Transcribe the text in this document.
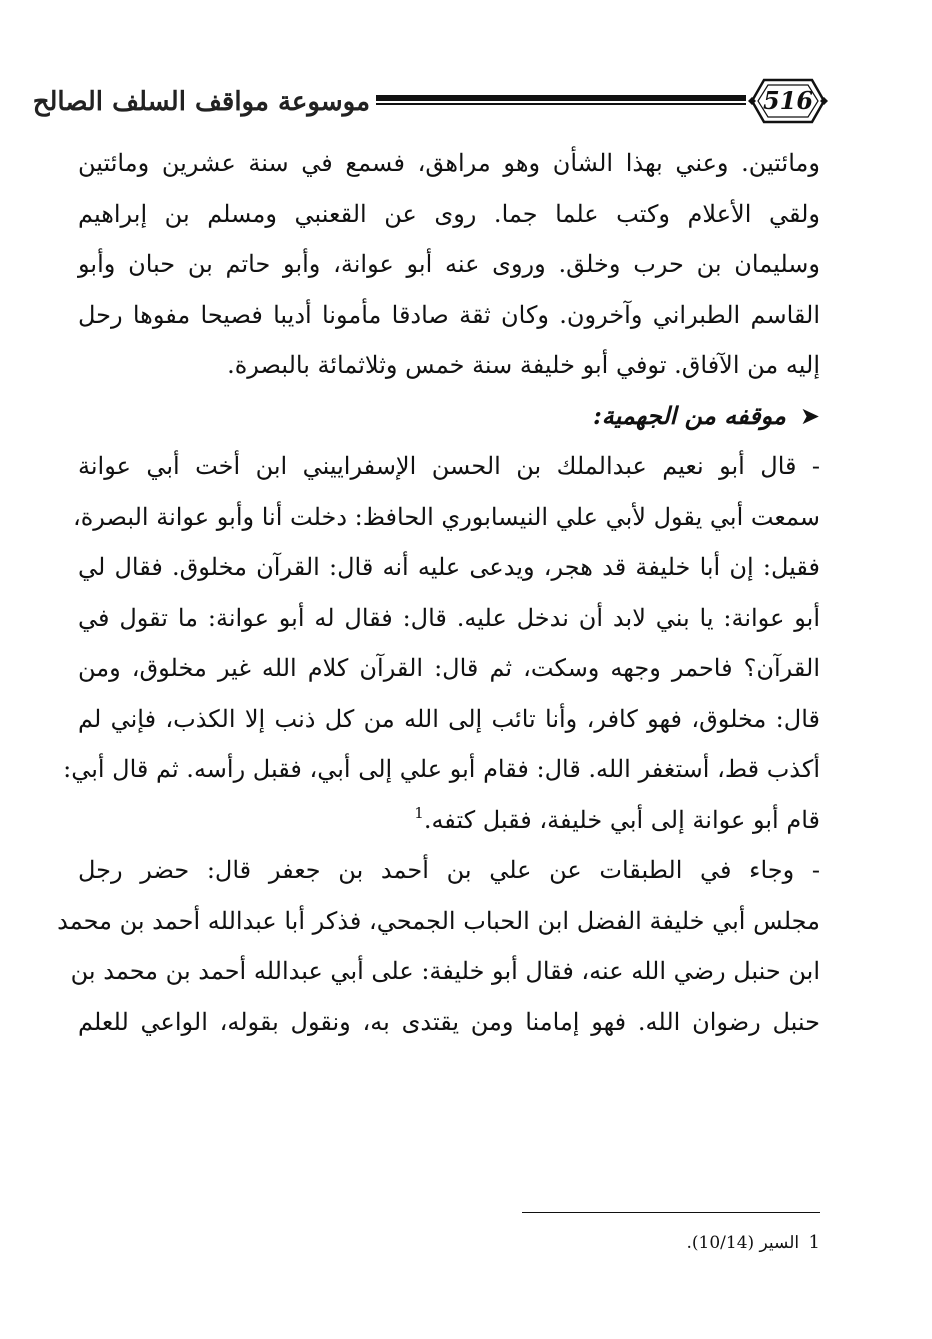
موسوعة مواقف السلف الصالح	516
ومائتين. وعني بهذا الشأن وهو مراهق، فسمع في سنة عشرين ومائتين
ولقي الأعلام وكتب علما جما. روى عن القعنبي ومسلم بن إبراهيم
وسليمان بن حرب وخلق. وروى عنه أبو عوانة، وأبو حاتم بن حبان وأبو
القاسم الطبراني وآخرون. وكان ثقة صادقا مأمونا أديبا فصيحا مفوها رحل
إليه من الآفاق. توفي أبو خليفة سنة خمس وثلاثمائة بالبصرة.
➤موقفه من الجهمية:
- قال أبو نعيم عبدالملك بن الحسن الإسفراييني ابن أخت أبي عوانة
سمعت أبي يقول لأبي علي النيسابوري الحافظ: دخلت أنا وأبو عوانة البصرة،
فقيل: إن أبا خليفة قد هجر، ويدعى عليه أنه قال: القرآن مخلوق. فقال لي
أبو عوانة: يا بني لابد أن ندخل عليه. قال: فقال له أبو عوانة: ما تقول في
القرآن؟ فاحمر وجهه وسكت، ثم قال: القرآن كلام الله غير مخلوق، ومن
قال: مخلوق، فهو كافر، وأنا تائب إلى الله من كل ذنب إلا الكذب، فإني لم
أكذب قط، أستغفر الله. قال: فقام أبو علي إلى أبي، فقبل رأسه. ثم قال أبي:
قام أبو عوانة إلى أبي خليفة، فقبل كتفه.$^1$
- وجاء في الطبقات عن علي بن أحمد بن جعفر قال: حضر رجل
مجلس أبي خليفة الفضل ابن الحباب الجمحي، فذكر أبا عبدالله أحمد بن محمد
ابن حنبل رضي الله عنه، فقال أبو خليفة: على أبي عبدالله أحمد بن محمد بن
حنبل رضوان الله. فهو إمامنا ومن يقتدى به، ونقول بقوله، الواعي للعلم
1 السير (10/14).
